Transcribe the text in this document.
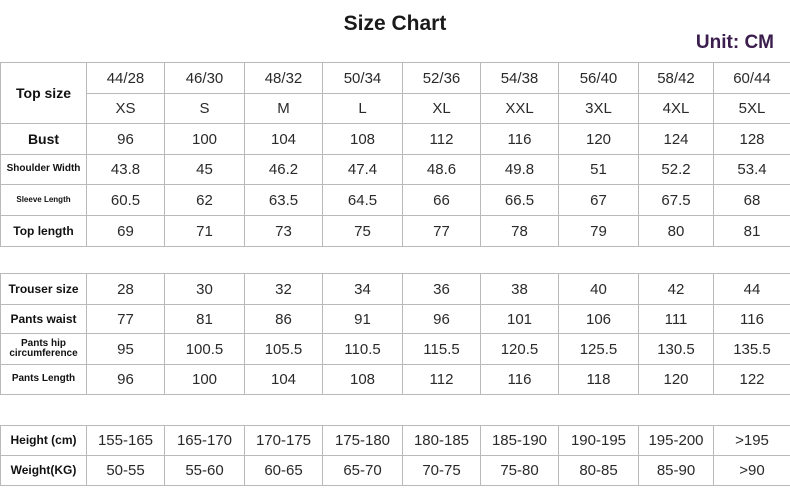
Size Chart
Unit: CM
Top size	44/28	46/30	48/32	50/34	52/36	54/38	56/40	58/42	60/44
	XS	S	M	L	XL	XXL	3XL	4XL	5XL
Bust	96	100	104	108	112	116	120	124	128
Shoulder Width	43.8	45	46.2	47.4	48.6	49.8	51	52.2	53.4
Sleeve Length	60.5	62	63.5	64.5	66	66.5	67	67.5	68
Top length	69	71	73	75	77	78	79	80	81
Trouser size	28	30	32	34	36	38	40	42	44
Pants waist	77	81	86	91	96	101	106	111	116
Pants hip circumference	95	100.5	105.5	110.5	115.5	120.5	125.5	130.5	135.5
Pants Length	96	100	104	108	112	116	118	120	122
Height (cm)	155-165	165-170	170-175	175-180	180-185	185-190	190-195	195-200	>195
Weight(KG)	50-55	55-60	60-65	65-70	70-75	75-80	80-85	85-90	>90
